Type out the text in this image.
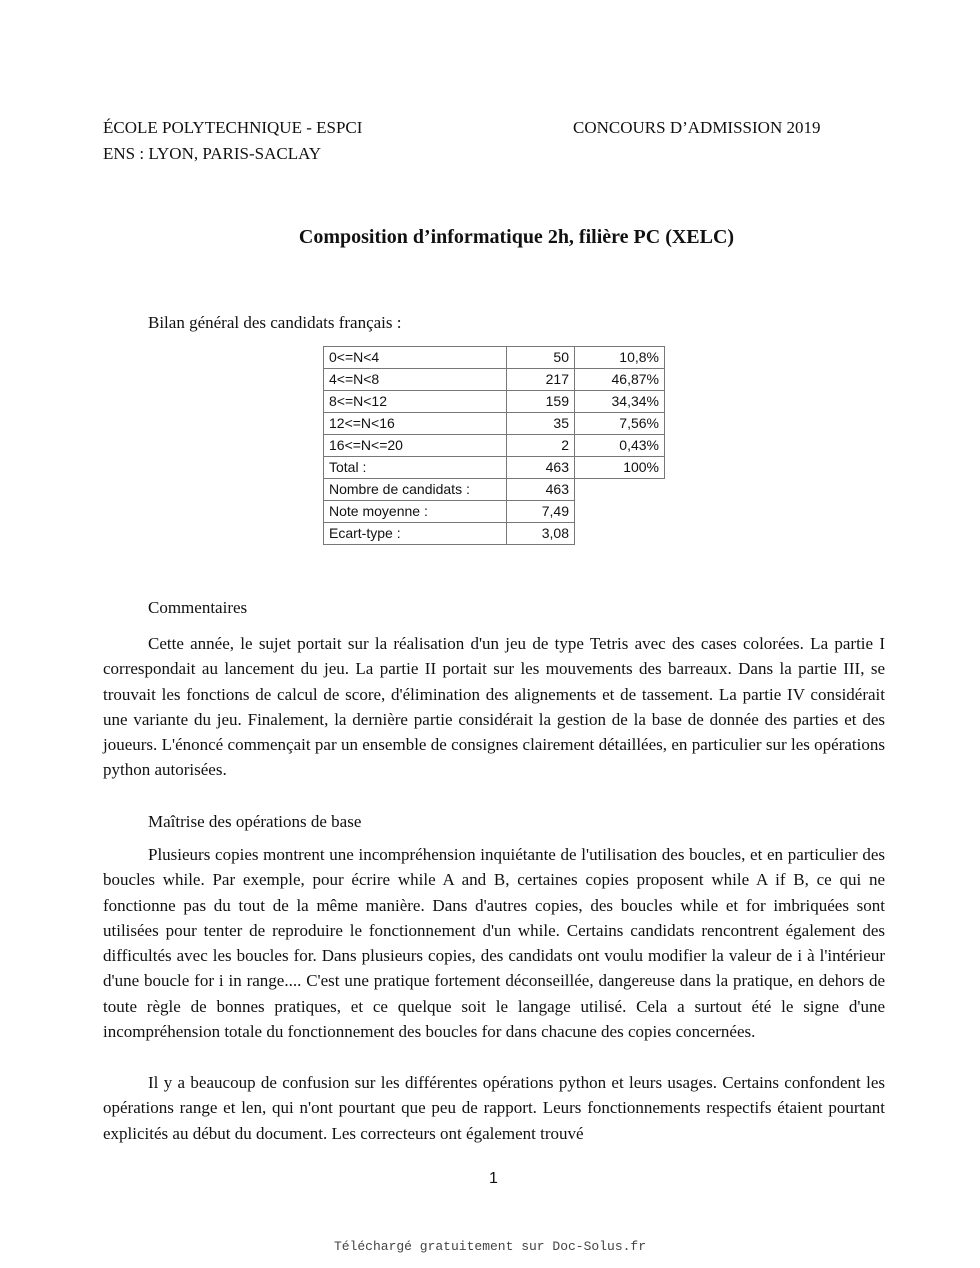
ÉCOLE POLYTECHNIQUE - ESPCI
ENS : LYON, PARIS-SACLAY
CONCOURS D’ADMISSION 2019
Composition d’informatique 2h, filière PC (XELC)
Bilan général des candidats français :
0<=N<4	50	10,8%
4<=N<8	217	46,87%
8<=N<12	159	34,34%
12<=N<16	35	7,56%
16<=N<=20	2	0,43%
Total :	463	100%
Nombre de candidats :	463	
Note moyenne :	7,49	
Ecart-type :	3,08	
Commentaires

Cette année, le sujet portait sur la réalisation d'un jeu de type Tetris avec des cases colorées. La partie I correspondait au lancement du jeu. La partie II portait sur les mouvements des barreaux. Dans la partie III, se trouvait les fonctions de calcul de score, d'élimination des alignements et de tassement. La partie IV considérait une variante du jeu. Finalement, la dernière partie considérait la gestion de la base de donnée des parties et des joueurs. L'énoncé commençait par un ensemble de consignes clairement détaillées, en particulier sur les opérations python autorisées.

Maîtrise des opérations de base

Plusieurs copies montrent une incompréhension inquiétante de l'utilisation des boucles, et en particulier des boucles while. Par exemple, pour écrire while A and B, certaines copies proposent while A if B, ce qui ne fonctionne pas du tout de la même manière. Dans d'autres copies, des boucles while et for imbriquées sont utilisées pour tenter de reproduire le fonctionnement d'un while. Certains candidats rencontrent également des difficultés avec les boucles for. Dans plusieurs copies, des candidats ont voulu modifier la valeur de i à l'intérieur d'une boucle for i in range.... C'est une pratique fortement déconseillée, dangereuse dans la pratique, en dehors de toute règle de bonnes pratiques, et ce quelque soit le langage utilisé. Cela a surtout été le signe d'une incompréhension totale du fonctionnement des boucles for dans chacune des copies concernées.

Il y a beaucoup de confusion sur les différentes opérations python et leurs usages. Certains confondent les opérations range et len, qui n'ont pourtant que peu de rapport. Leurs fonctionnements respectifs étaient pourtant explicités au début du document. Les correcteurs ont également trouvé

1
Téléchargé gratuitement sur Doc-Solus.fr
